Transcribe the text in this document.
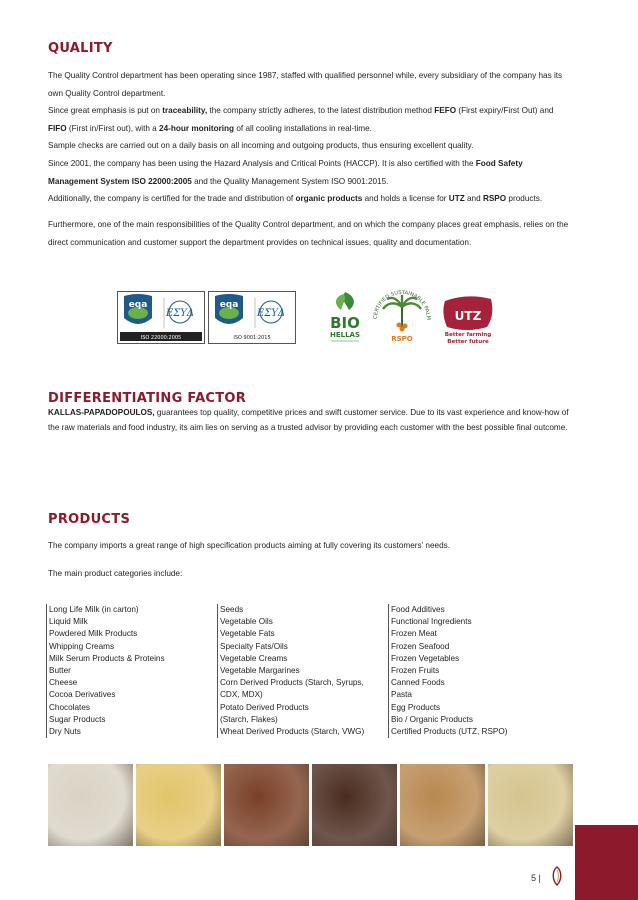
QUALITY

The Quality Control department has been operating since 1987, staffed with qualified personnel while, every subsidiary of the company has its own Quality Control department.

Since great emphasis is put on traceability, the company strictly adheres, to the latest distribution method FEFO (First expiry/First Out) and FIFO (First in/First out), with a 24-hour monitoring of all cooling installations in real-time.

Sample checks are carried out on a daily basis on all incoming and outgoing products, thus ensuring excellent quality.

Since 2001, the company has been using the Hazard Analysis and Critical Points (HACCP). It is also certified with the Food Safety Management System ISO 22000:2005 and the Quality Management System ISO 9001:2015.

Additionally, the company is certified for the trade and distribution of organic products and holds a license for UTZ and RSPO products.

Furthermore, one of the main responsibilities of the Quality Control department, and on which the company places great emphasis, relies on the direct communication and customer support the department provides on technical issues, quality and documentation.

eqa
ΕΣΥΔ
ISO 22000:2005
eqa
ΕΣΥΔ
ISO 9001:2015
BIO
HELLAS
CERTIFIED SUSTAINABLE PALM
RSPO
UTZ
Better farming
Better future
DIFFERENTIATING FACTOR

KALLAS-PAPADOPOULOS, guarantees top quality, competitive prices and swift customer service. Due to its vast experience and know-how of the raw materials and food industry, its aim lies on serving as a trusted advisor by providing each customer with the best possible final outcome.

PRODUCTS

The company imports a great range of high specification products aiming at fully covering its customers’ needs.

The main product categories include:

Long Life Milk (in carton)
Liquid Milk
Powdered Milk Products
Whipping Creams
Milk Serum Products & Proteins
Butter
Cheese
Cocoa Derivatives
Chocolates
Sugar Products
Dry Nuts
Seeds
Vegetable Oils
Vegetable Fats
Specialty Fats/Oils
Vegetable Creams
Vegetable Margarines
Corn Derived Products (Starch, Syrups,
CDX, MDX)
Potato Derived Products
(Starch, Flakes)
Wheat Derived Products (Starch, VWG)
Food Additives
Functional Ingredients
Frozen Meat
Frozen Seafood
Frozen Vegetables
Frozen Fruits
Canned Foods
Pasta
Egg Products
Bio / Organic Products
Certified Products (UTZ, RSPO)
5 |
